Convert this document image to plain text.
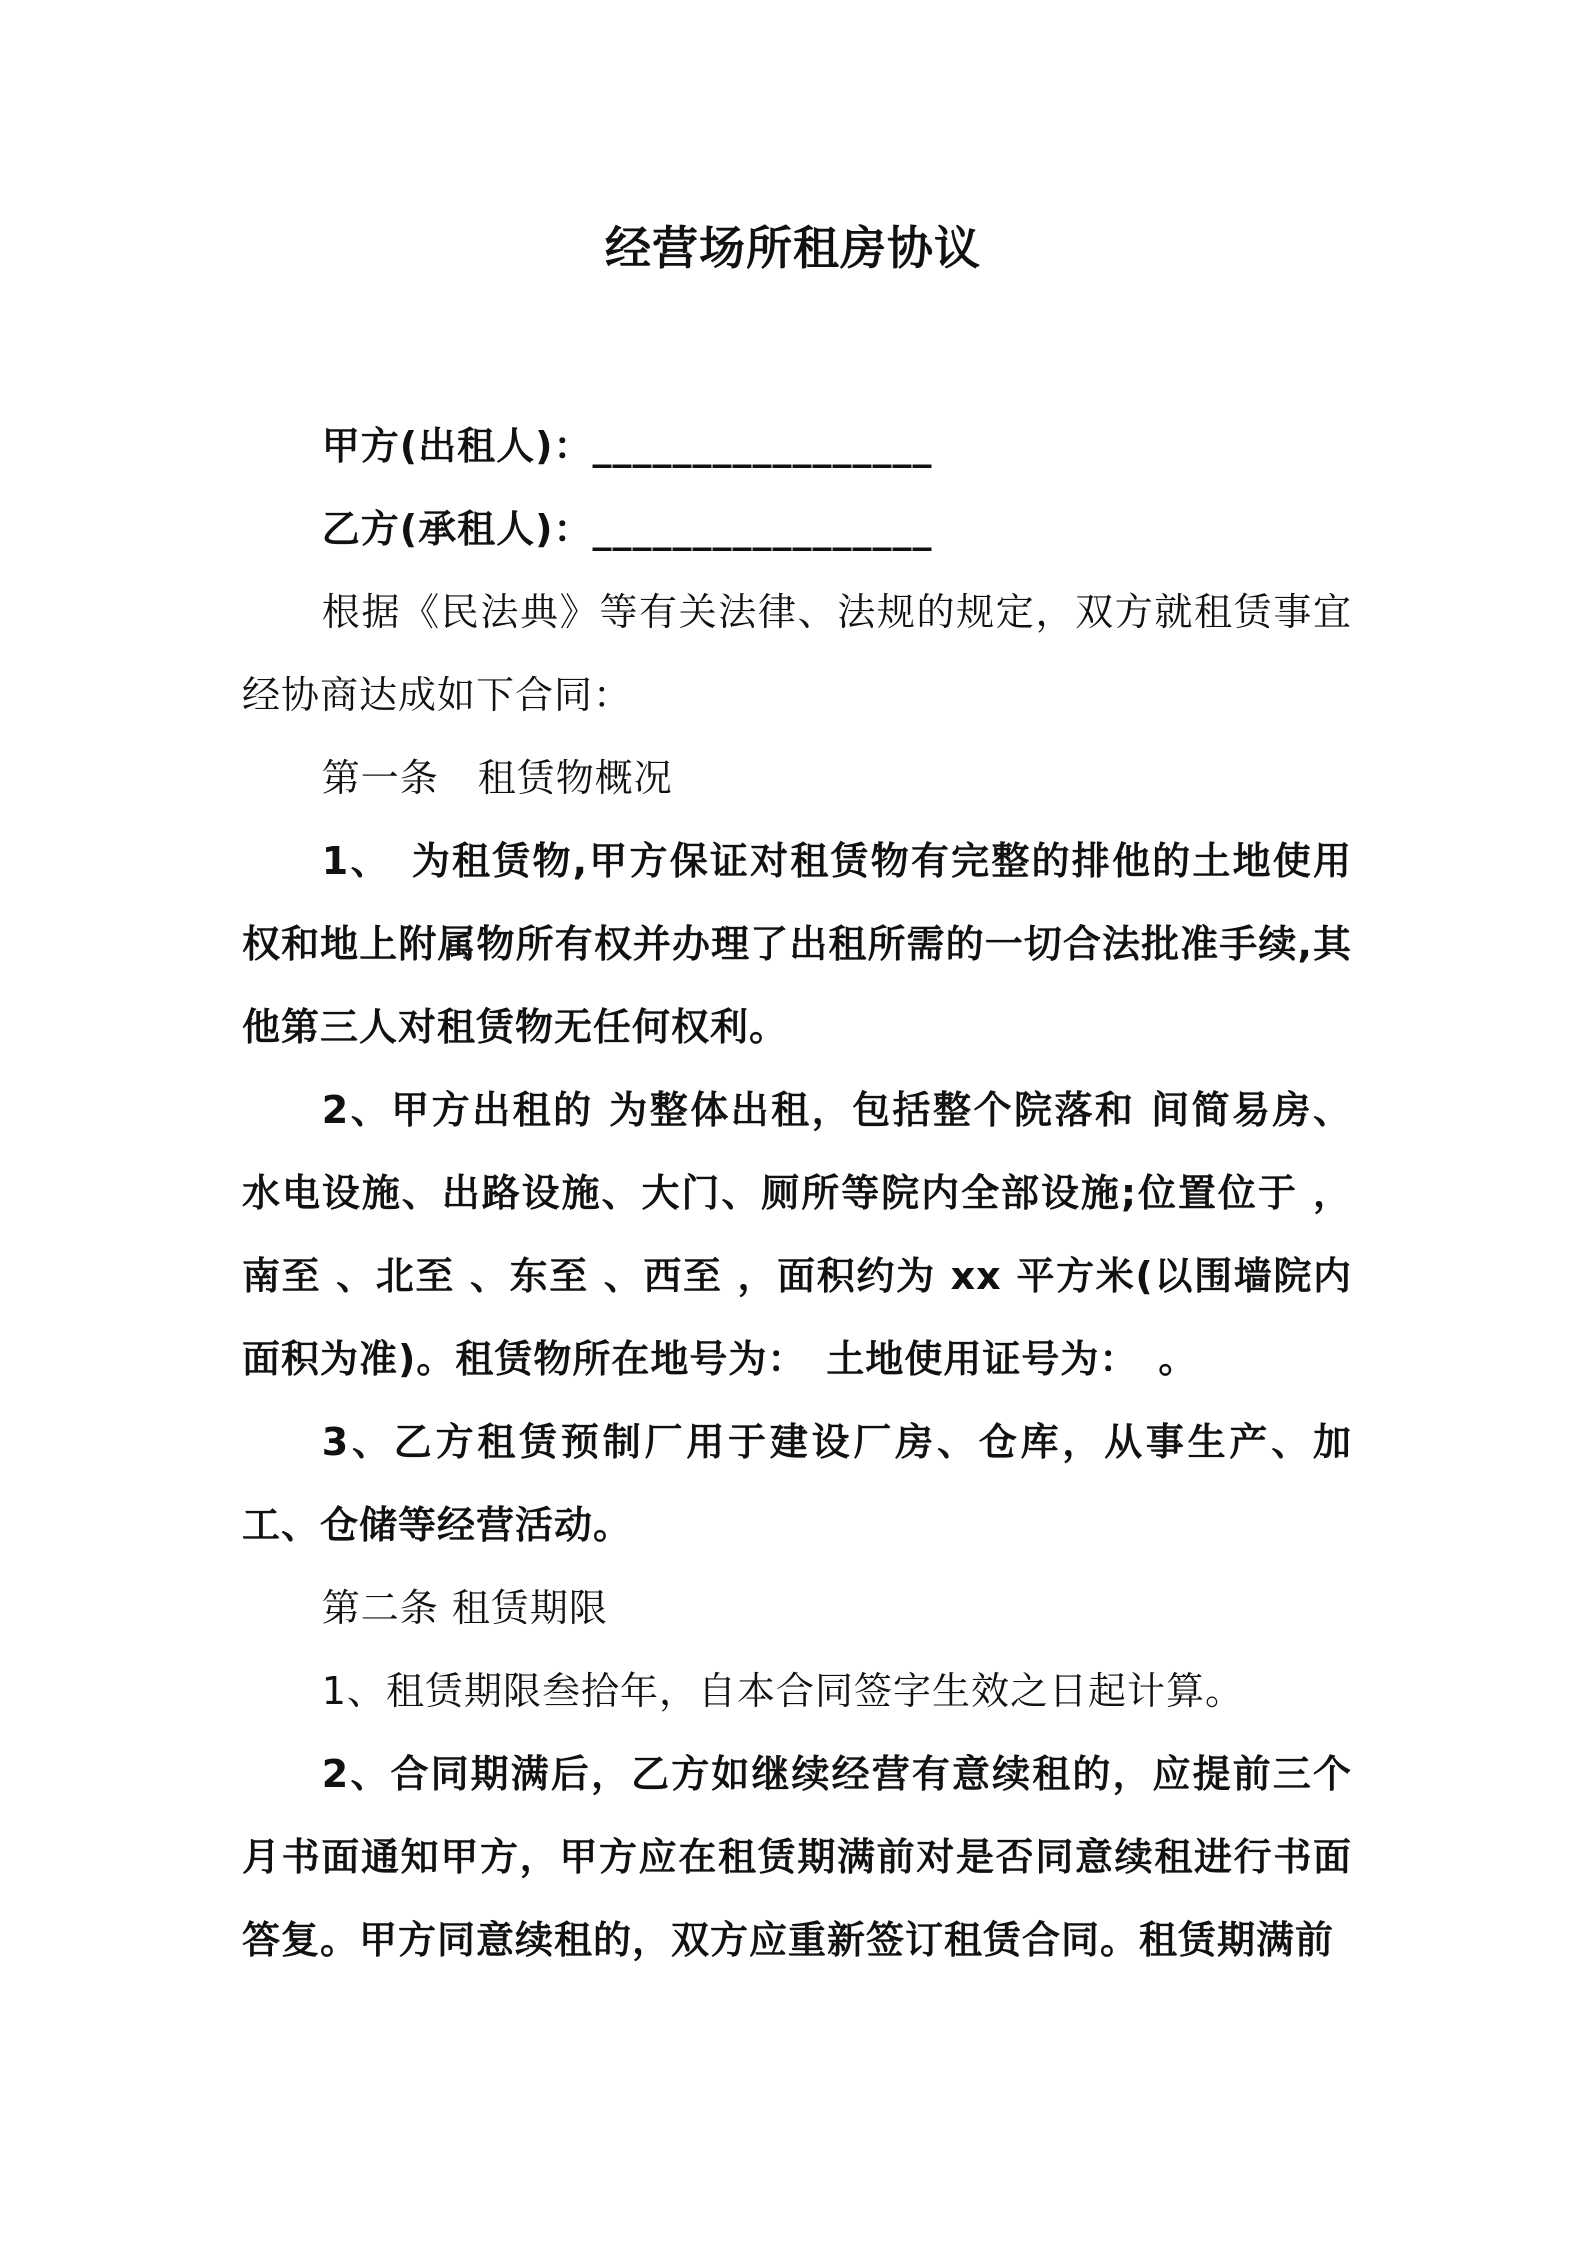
经营场所租房协议

甲方(出租人)：_________________

乙方(承租人)：_________________

根据《民法典》等有关法律、法规的规定，双方就租赁事宜经协商达成如下合同：

第一条　租赁物概况

1、　为租赁物,甲方保证对租赁物有完整的排他的土地使用权和地上附属物所有权并办理了出租所需的一切合法批准手续,其他第三人对租赁物无任何权利。

2、甲方出租的 为整体出租，包括整个院落和 间简易房、水电设施、出路设施、大门、厕所等院内全部设施;位置位于 ，南至 、北至 、东至 、西至 ，面积约为 xx 平方米(以围墙院内面积为准)。租赁物所在地号为：　土地使用证号为：　。

3、乙方租赁预制厂用于建设厂房、仓库，从事生产、加工、仓储等经营活动。

第二条 租赁期限

1、租赁期限叁拾年，自本合同签字生效之日起计算。

2、合同期满后，乙方如继续经营有意续租的，应提前三个月书面通知甲方，甲方应在租赁期满前对是否同意续租进行书面答复。甲方同意续租的，双方应重新签订租赁合同。租赁期满前
